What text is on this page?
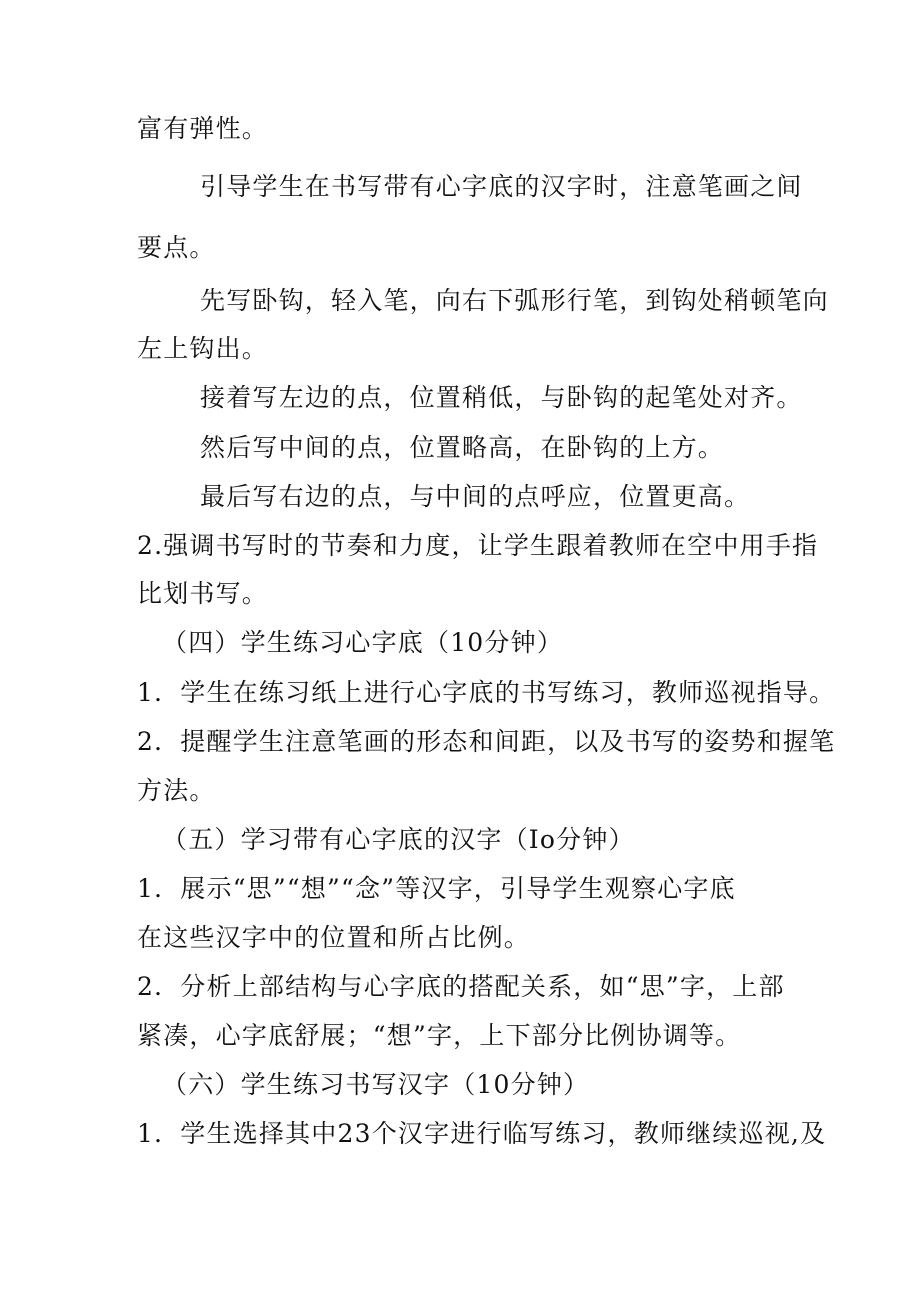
富有弹性。
引导学生在书写带有心字底的汉字时，注意笔画之间
要点。
先写卧钩，轻入笔，向右下弧形行笔，到钩处稍顿笔向
左上钩出。
接着写左边的点，位置稍低，与卧钩的起笔处对齐。
然后写中间的点，位置略高，在卧钩的上方。
最后写右边的点，与中间的点呼应，位置更高。
2.强调书写时的节奏和力度，让学生跟着教师在空中用手指
比划书写。
（四）学生练习心字底（10分钟）
1．学生在练习纸上进行心字底的书写练习，教师巡视指导。
2．提醒学生注意笔画的形态和间距，以及书写的姿势和握笔
方法。
（五）学习带有心字底的汉字（Io分钟）
1．展示“思”“想”“念”等汉字，引导学生观察心字底
在这些汉字中的位置和所占比例。
2．分析上部结构与心字底的搭配关系，如“思”字，上部
紧凑，心字底舒展；“想”字，上下部分比例协调等。
（六）学生练习书写汉字（10分钟）
1．学生选择其中23个汉字进行临写练习，教师继续巡视,及
